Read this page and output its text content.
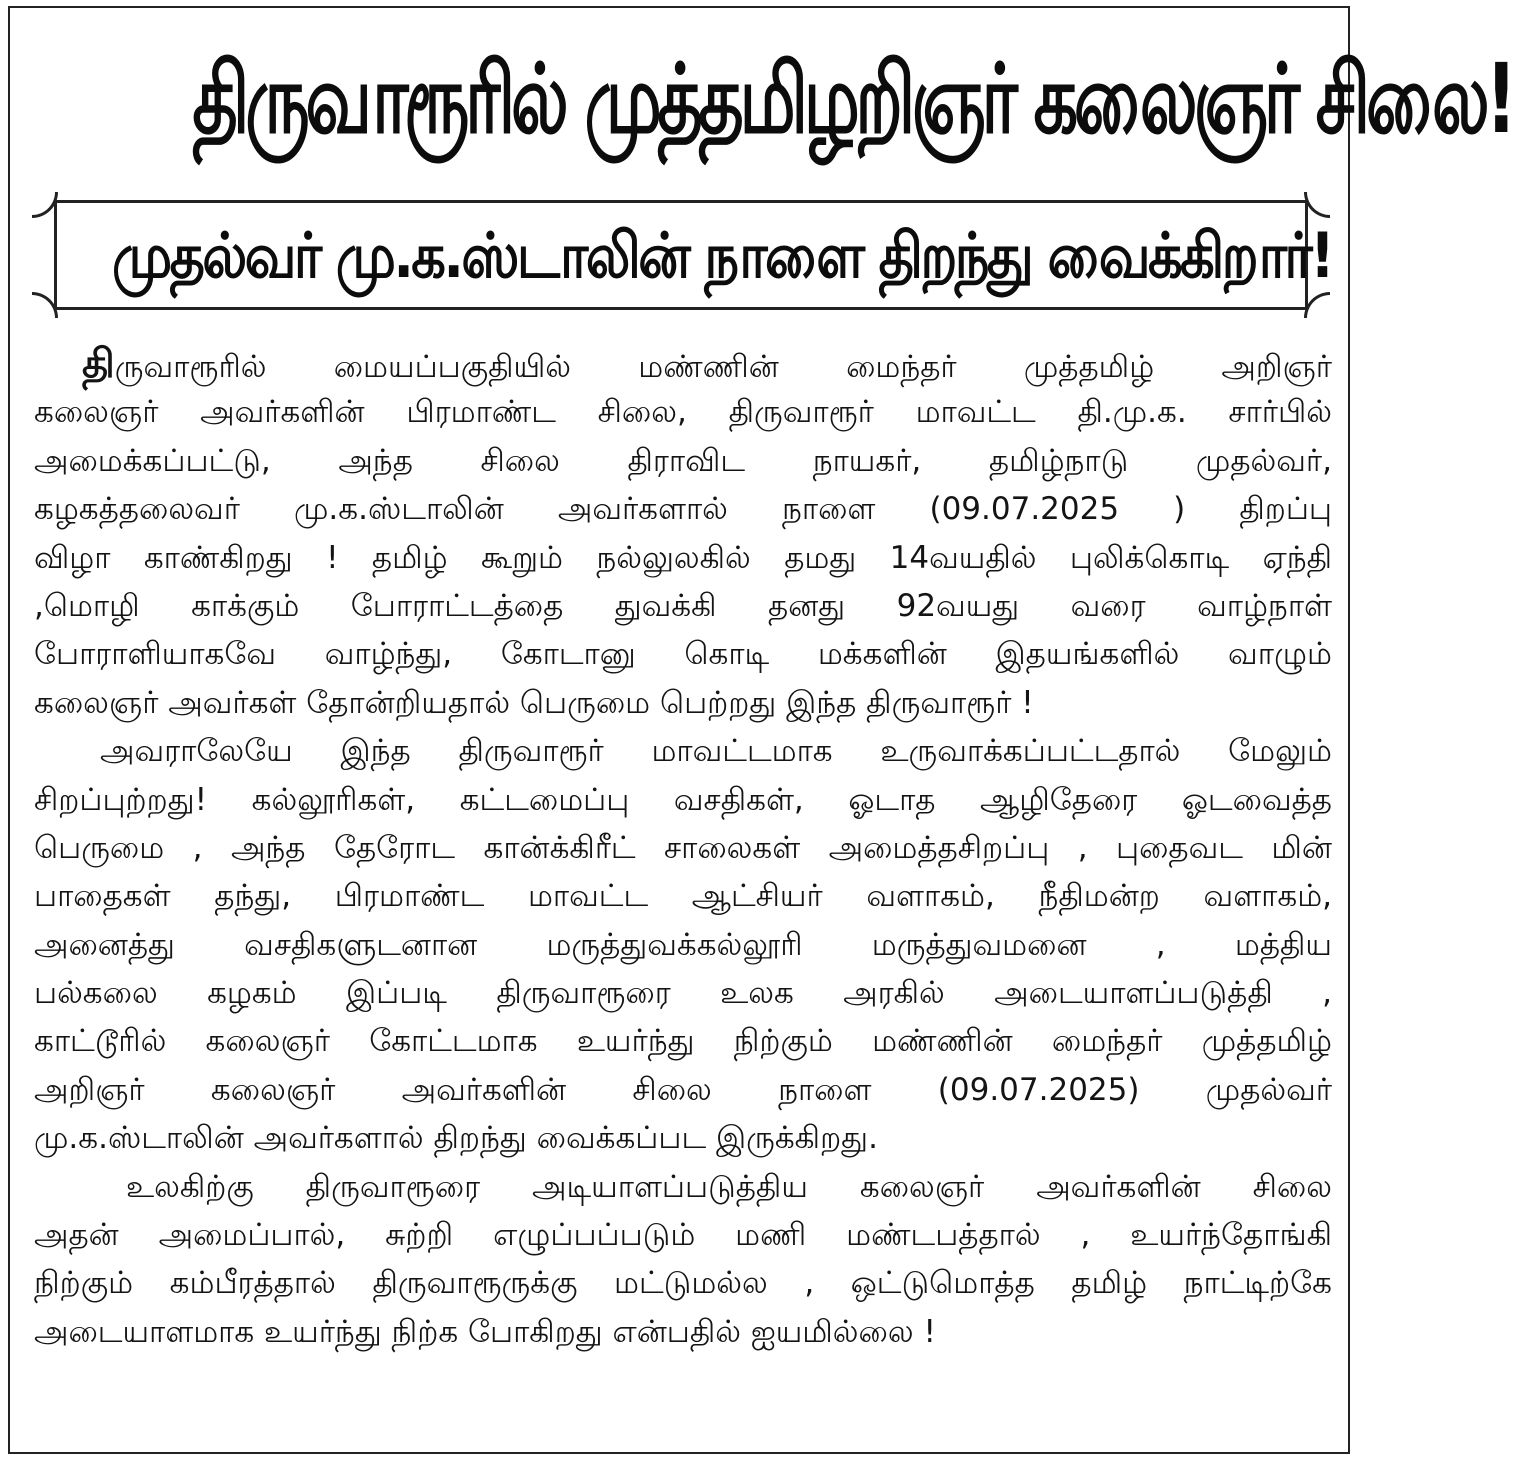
திருவாரூரில் முத்தமிழறிஞர் கலைஞர் சிலை!
முதல்வர் மு.க.ஸ்டாலின் நாளை திறந்து வைக்கிறார்!
திருவாரூரில் மையப்பகுதியில் மண்ணின் மைந்தர் முத்தமிழ் அறிஞர்
கலைஞர் அவர்களின் பிரமாண்ட சிலை, திருவாரூர் மாவட்ட தி.மு.க. சார்பில்
அமைக்கப்பட்டு, அந்த சிலை திராவிட நாயகர், தமிழ்நாடு முதல்வர்,
கழகத்தலைவர் மு.க.ஸ்டாலின் அவர்களால் நாளை (09.07.2025 ) திறப்பு
விழா காண்கிறது ! தமிழ் கூறும் நல்லுலகில் தமது 14வயதில் புலிக்கொடி ஏந்தி
,மொழி காக்கும் போராட்டத்தை துவக்கி தனது 92வயது வரை வாழ்நாள்
போராளியாகவே வாழ்ந்து, கோடானு கொடி மக்களின் இதயங்களில் வாழும்
கலைஞர் அவர்கள் தோன்றியதால் பெருமை பெற்றது இந்த திருவாரூர் !
அவராலேயே இந்த திருவாரூர் மாவட்டமாக உருவாக்கப்பட்டதால் மேலும்
சிறப்புற்றது! கல்லூரிகள், கட்டமைப்பு வசதிகள், ஓடாத ஆழிதேரை ஓடவைத்த
பெருமை , அந்த தேரோட கான்க்கிரீட் சாலைகள் அமைத்தசிறப்பு , புதைவட மின்
பாதைகள் தந்து, பிரமாண்ட மாவட்ட ஆட்சியர் வளாகம், நீதிமன்ற வளாகம்,
அனைத்து வசதிகளுடனான மருத்துவக்கல்லூரி மருத்துவமனை , மத்திய
பல்கலை கழகம் இப்படி திருவாரூரை உலக அரகில் அடையாளப்படுத்தி ,
காட்டூரில் கலைஞர் கோட்டமாக உயர்ந்து நிற்கும் மண்ணின் மைந்தர் முத்தமிழ்
அறிஞர் கலைஞர் அவர்களின் சிலை நாளை (09.07.2025) முதல்வர்
மு.க.ஸ்டாலின் அவர்களால் திறந்து வைக்கப்பட இருக்கிறது.
உலகிற்கு திருவாரூரை அடியாளப்படுத்திய கலைஞர் அவர்களின் சிலை
அதன் அமைப்பால், சுற்றி எழுப்பப்படும் மணி மண்டபத்தால் , உயர்ந்தோங்கி
நிற்கும் கம்பீரத்தால் திருவாரூருக்கு மட்டுமல்ல , ஒட்டுமொத்த தமிழ் நாட்டிற்கே
அடையாளமாக உயர்ந்து நிற்க போகிறது என்பதில் ஐயமில்லை !
